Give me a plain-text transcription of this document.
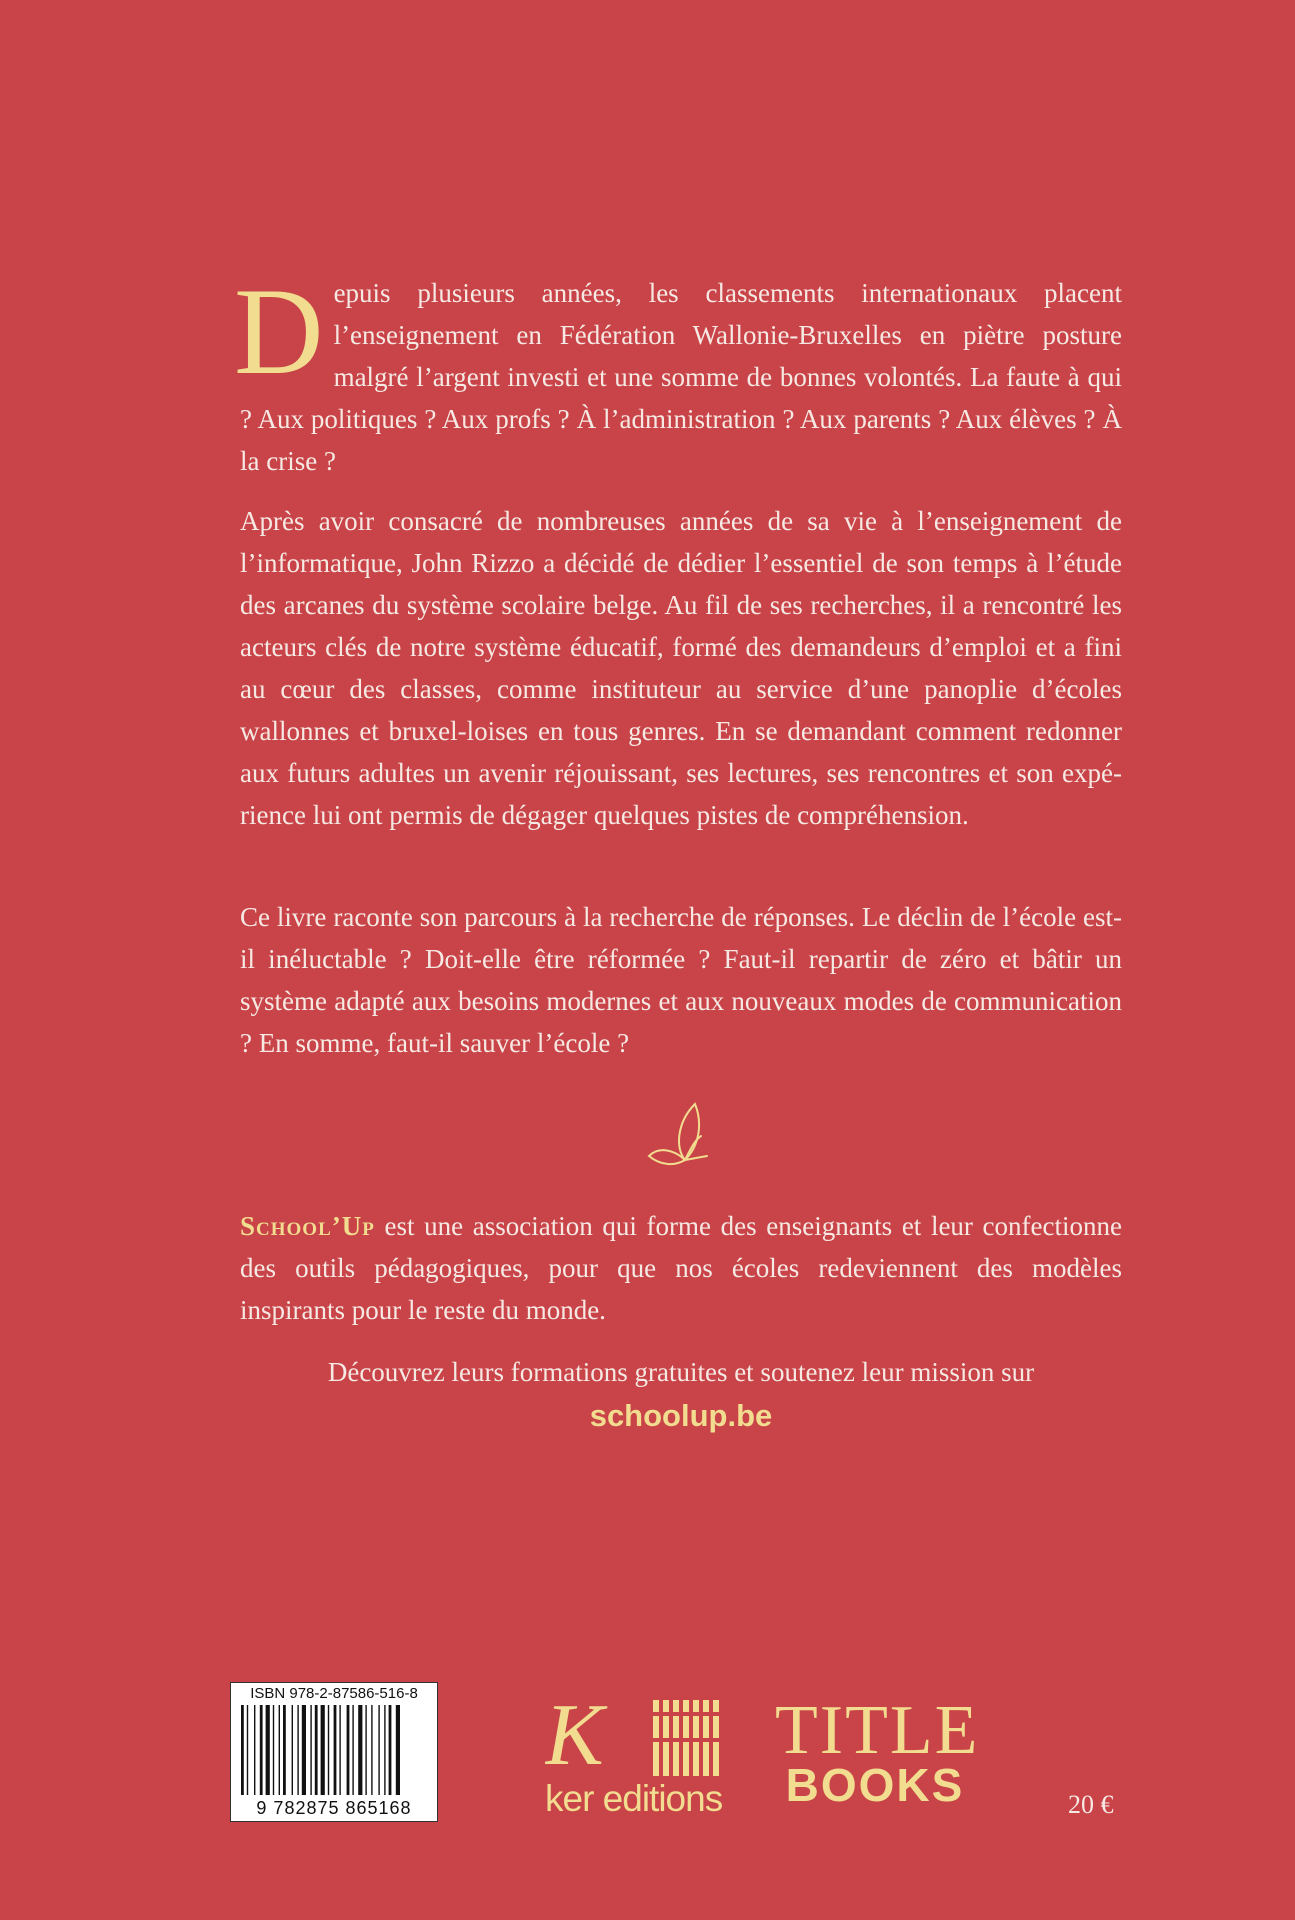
Depuis plusieurs années, les classements internationaux placent l’enseignement en Fédération Wallonie-Bruxelles en piètre posture malgré l’argent investi et une somme de bonnes volontés. La faute à qui ? Aux politiques ? Aux profs ? À l’administration ? Aux parents ? Aux élèves ? À la crise ?

Après avoir consacré de nombreuses années de sa vie à l’enseignement de l’informatique, John Rizzo a décidé de dédier l’essentiel de son temps à l’étude des arcanes du système scolaire belge. Au fil de ses recherches, il a rencontré les acteurs clés de notre système éducatif, formé des demandeurs d’emploi et a fini au cœur des classes, comme instituteur au service d’une panoplie d’écoles wallonnes et bruxel-loises en tous genres. En se demandant comment redonner aux futurs adultes un avenir réjouissant, ses lectures, ses rencontres et son expé-rience lui ont permis de dégager quelques pistes de compréhension.

Ce livre raconte son parcours à la recherche de réponses. Le déclin de l’école est-il inéluctable ? Doit-elle être réformée ? Faut-il repartir de zéro et bâtir un système adapté aux besoins modernes et aux nouveaux modes de communication ? En somme, faut-il sauver l’école ?

School’Up est une association qui forme des enseignants et leur confectionne des outils pédagogiques, pour que nos écoles redeviennent des modèles inspirants pour le reste du monde.
Découvrez leurs formations gratuites et soutenez leur mission sur
schoolup.be
ISBN 978-2-87586-516-8
9 782875 865168
K
ker editions
TITLE
BOOKS	20 €
